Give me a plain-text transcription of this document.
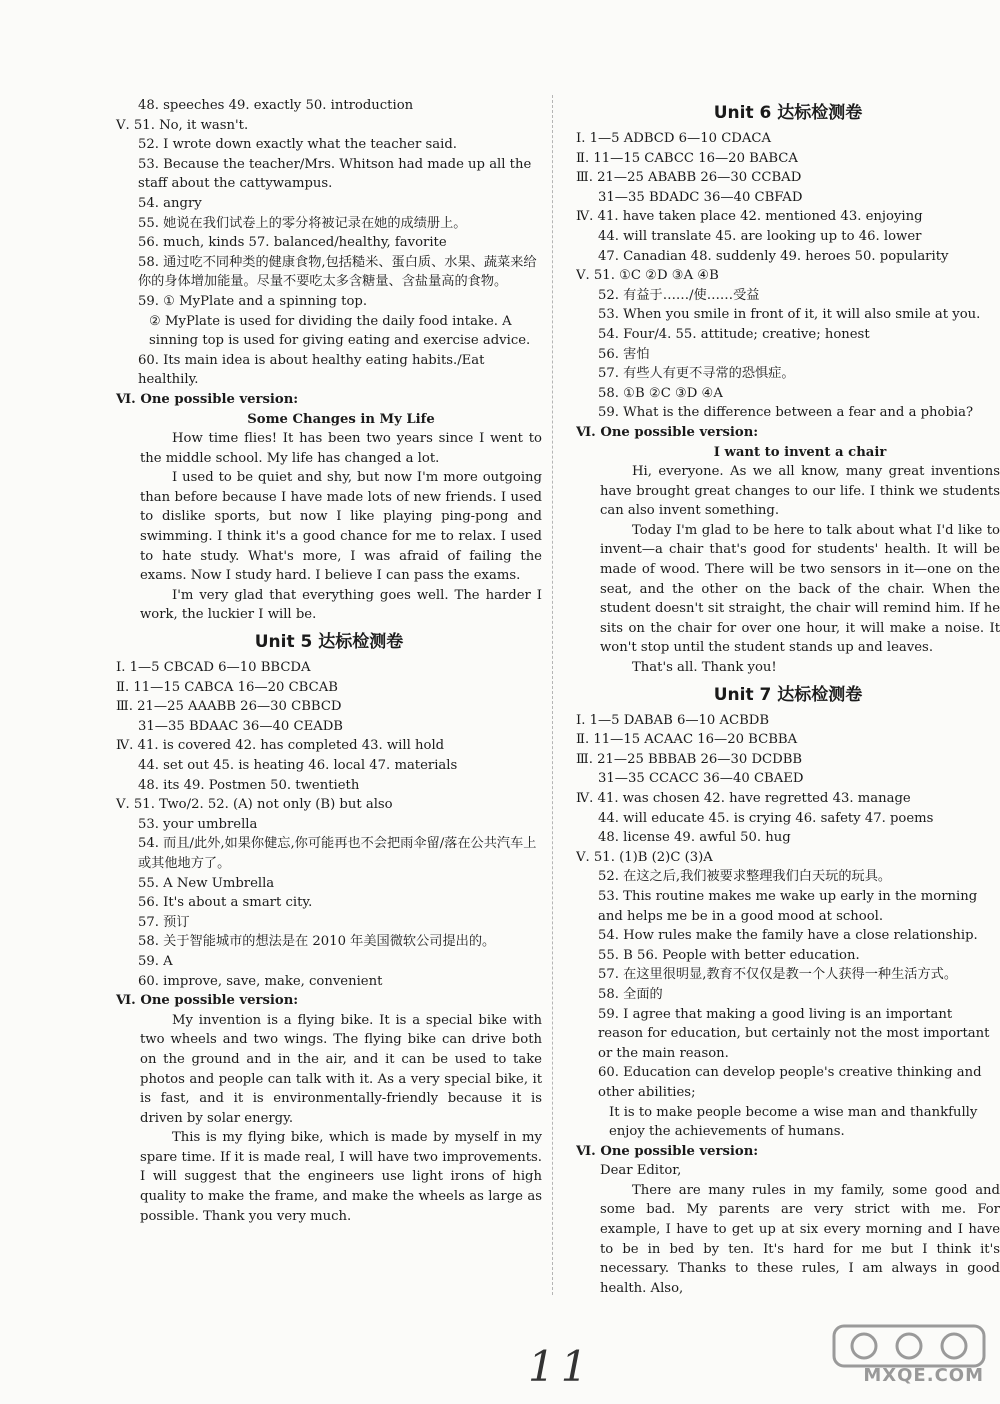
48. speeches 49. exactly 50. introduction
Ⅴ. 51. No, it wasn't.
52. I wrote down exactly what the teacher said.
53. Because the teacher/Mrs. Whitson had made up all the staff about the cattywampus.
54. angry
55. 她说在我们试卷上的零分将被记录在她的成绩册上。
56. much, kinds 57. balanced/healthy, favorite
58. 通过吃不同种类的健康食物,包括糙米、蛋白质、水果、蔬菜来给你的身体增加能量。尽量不要吃太多含糖量、含盐量高的食物。
59. ① MyPlate and a spinning top.
② MyPlate is used for dividing the daily food intake. A sinning top is used for giving eating and exercise advice.
60. Its main idea is about healthy eating habits./Eat healthily.
Ⅵ. One possible version:
Some Changes in My Life
How time flies! It has been two years since I went to the middle school. My life has changed a lot.
I used to be quiet and shy, but now I'm more outgoing than before because I have made lots of new friends. I used to dislike sports, but now I like playing ping-pong and swimming. I think it's a good chance for me to relax. I used to hate study. What's more, I was afraid of failing the exams. Now I study hard. I believe I can pass the exams.
I'm very glad that everything goes well. The harder I work, the luckier I will be.
Unit 5 达标检测卷
Ⅰ. 1—5 CBCAD 6—10 BBCDA
Ⅱ. 11—15 CABCA 16—20 CBCAB
Ⅲ. 21—25 AAABB 26—30 CBBCD
31—35 BDAAC 36—40 CEADB
Ⅳ. 41. is covered 42. has completed 43. will hold
44. set out 45. is heating 46. local 47. materials
48. its 49. Postmen 50. twentieth
Ⅴ. 51. Two/2. 52. (A) not only (B) but also
53. your umbrella
54. 而且/此外,如果你健忘,你可能再也不会把雨伞留/落在公共汽车上或其他地方了。
55. A New Umbrella
56. It's about a smart city.
57. 预订
58. 关于智能城市的想法是在 2010 年美国微软公司提出的。
59. A
60. improve, save, make, convenient
Ⅵ. One possible version:
My invention is a flying bike. It is a special bike with two wheels and two wings. The flying bike can drive both on the ground and in the air, and it can be used to take photos and people can talk with it. As a very special bike, it is fast, and it is environmentally-friendly because it is driven by solar energy.
This is my flying bike, which is made by myself in my spare time. If it is made real, I will have two improvements. I will suggest that the engineers use light irons of high quality to make the frame, and make the wheels as large as possible. Thank you very much.
Unit 6 达标检测卷
Ⅰ. 1—5 ADBCD 6—10 CDACA
Ⅱ. 11—15 CABCC 16—20 BABCA
Ⅲ. 21—25 ABABB 26—30 CCBAD
31—35 BDADC 36—40 CBFAD
Ⅳ. 41. have taken place 42. mentioned 43. enjoying
44. will translate 45. are looking up to 46. lower
47. Canadian 48. suddenly 49. heroes 50. popularity
Ⅴ. 51. ①C ②D ③A ④B
52. 有益于……/使……受益
53. When you smile in front of it, it will also smile at you.
54. Four/4. 55. attitude; creative; honest
56. 害怕
57. 有些人有更不寻常的恐惧症。
58. ①B ②C ③D ④A
59. What is the difference between a fear and a phobia?
Ⅵ. One possible version:
I want to invent a chair
Hi, everyone. As we all know, many great inventions have brought great changes to our life. I think we students can also invent something.
Today I'm glad to be here to talk about what I'd like to invent—a chair that's good for students' health. It will be made of wood. There will be two sensors in it—one on the seat, and the other on the back of the chair. When the student doesn't sit straight, the chair will remind him. If he sits on the chair for over one hour, it will make a noise. It won't stop until the student stands up and leaves.
That's all. Thank you!
Unit 7 达标检测卷
Ⅰ. 1—5 DABAB 6—10 ACBDB
Ⅱ. 11—15 ACAAC 16—20 BCBBA
Ⅲ. 21—25 BBBAB 26—30 DCDBB
31—35 CCACC 36—40 CBAED
Ⅳ. 41. was chosen 42. have regretted 43. manage
44. will educate 45. is crying 46. safety 47. poems
48. license 49. awful 50. hug
Ⅴ. 51. (1)B (2)C (3)A
52. 在这之后,我们被要求整理我们白天玩的玩具。
53. This routine makes me wake up early in the morning and helps me be in a good mood at school.
54. How rules make the family have a close relationship.
55. B 56. People with better education.
57. 在这里很明显,教育不仅仅是教一个人获得一种生活方式。
58. 全面的
59. I agree that making a good living is an important reason for education, but certainly not the most important or the main reason.
60. Education can develop people's creative thinking and other abilities;
It is to make people become a wise man and thankfully enjoy the achievements of humans.
Ⅵ. One possible version:
Dear Editor,
There are many rules in my family, some good and some bad. My parents are very strict with me. For example, I have to get up at six every morning and I have to be in bed by ten. It's hard for me but I think it's necessary. Thanks to these rules, I am always in good health. Also,
11	MXQE.COM
